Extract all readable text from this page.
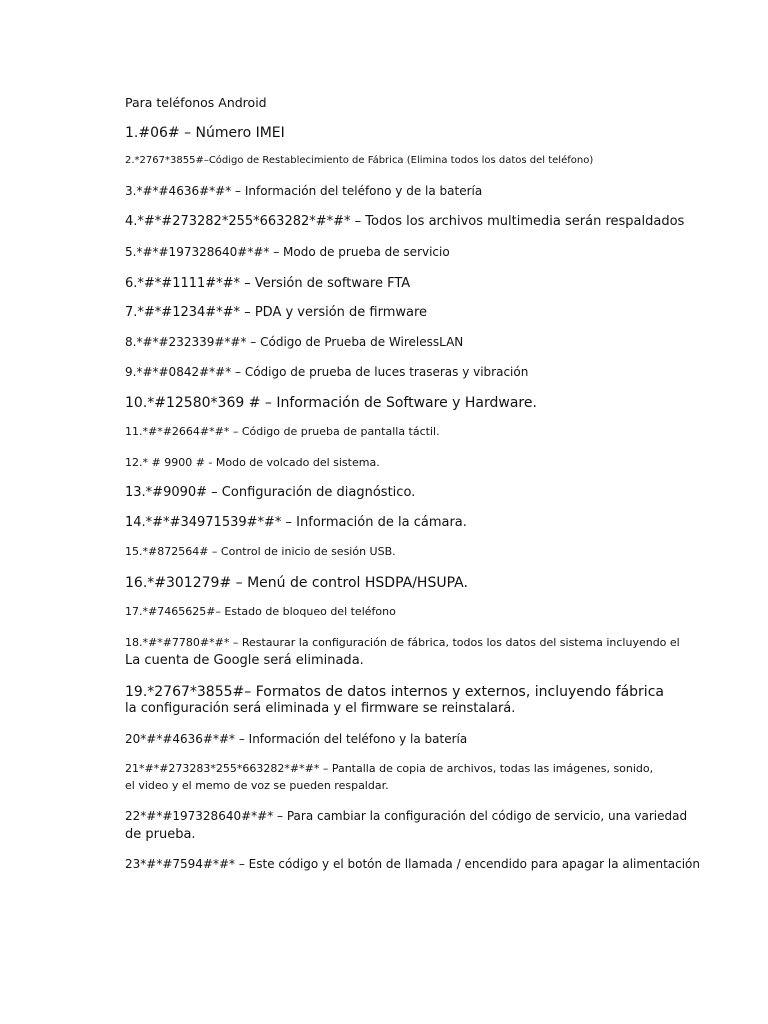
Para teléfonos Android
1.#06# – Número IMEI
2.*2767*3855#–Código de Restablecimiento de Fábrica (Elimina todos los datos del teléfono)
3.*#*#4636#*#* – Información del teléfono y de la batería
4.*#*#273282*255*663282*#*#* – Todos los archivos multimedia serán respaldados
5.*#*#197328640#*#* – Modo de prueba de servicio
6.*#*#1111#*#* – Versión de software FTA
7.*#*#1234#*#* – PDA y versión de firmware
8.*#*#232339#*#* – Código de Prueba de WirelessLAN
9.*#*#0842#*#* – Código de prueba de luces traseras y vibración
10.*#12580*369 # – Información de Software y Hardware.
11.*#*#2664#*#* – Código de prueba de pantalla táctil.
12.* # 9900 # - Modo de volcado del sistema.
13.*#9090# – Configuración de diagnóstico.
14.*#*#34971539#*#* – Información de la cámara.
15.*#872564# – Control de inicio de sesión USB.
16.*#301279# – Menú de control HSDPA/HSUPA.
17.*#7465625#– Estado de bloqueo del teléfono
18.*#*#7780#*#* – Restaurar la configuración de fábrica, todos los datos del sistema incluyendo el
La cuenta de Google será eliminada.
19.*2767*3855#– Formatos de datos internos y externos, incluyendo fábrica
la configuración será eliminada y el firmware se reinstalará.
20*#*#4636#*#* – Información del teléfono y la batería
21*#*#273283*255*663282*#*#* – Pantalla de copia de archivos, todas las imágenes, sonido,
el video y el memo de voz se pueden respaldar.
22*#*#197328640#*#* – Para cambiar la configuración del código de servicio, una variedad
de prueba.
23*#*#7594#*#* – Este código y el botón de llamada / encendido para apagar la alimentación
